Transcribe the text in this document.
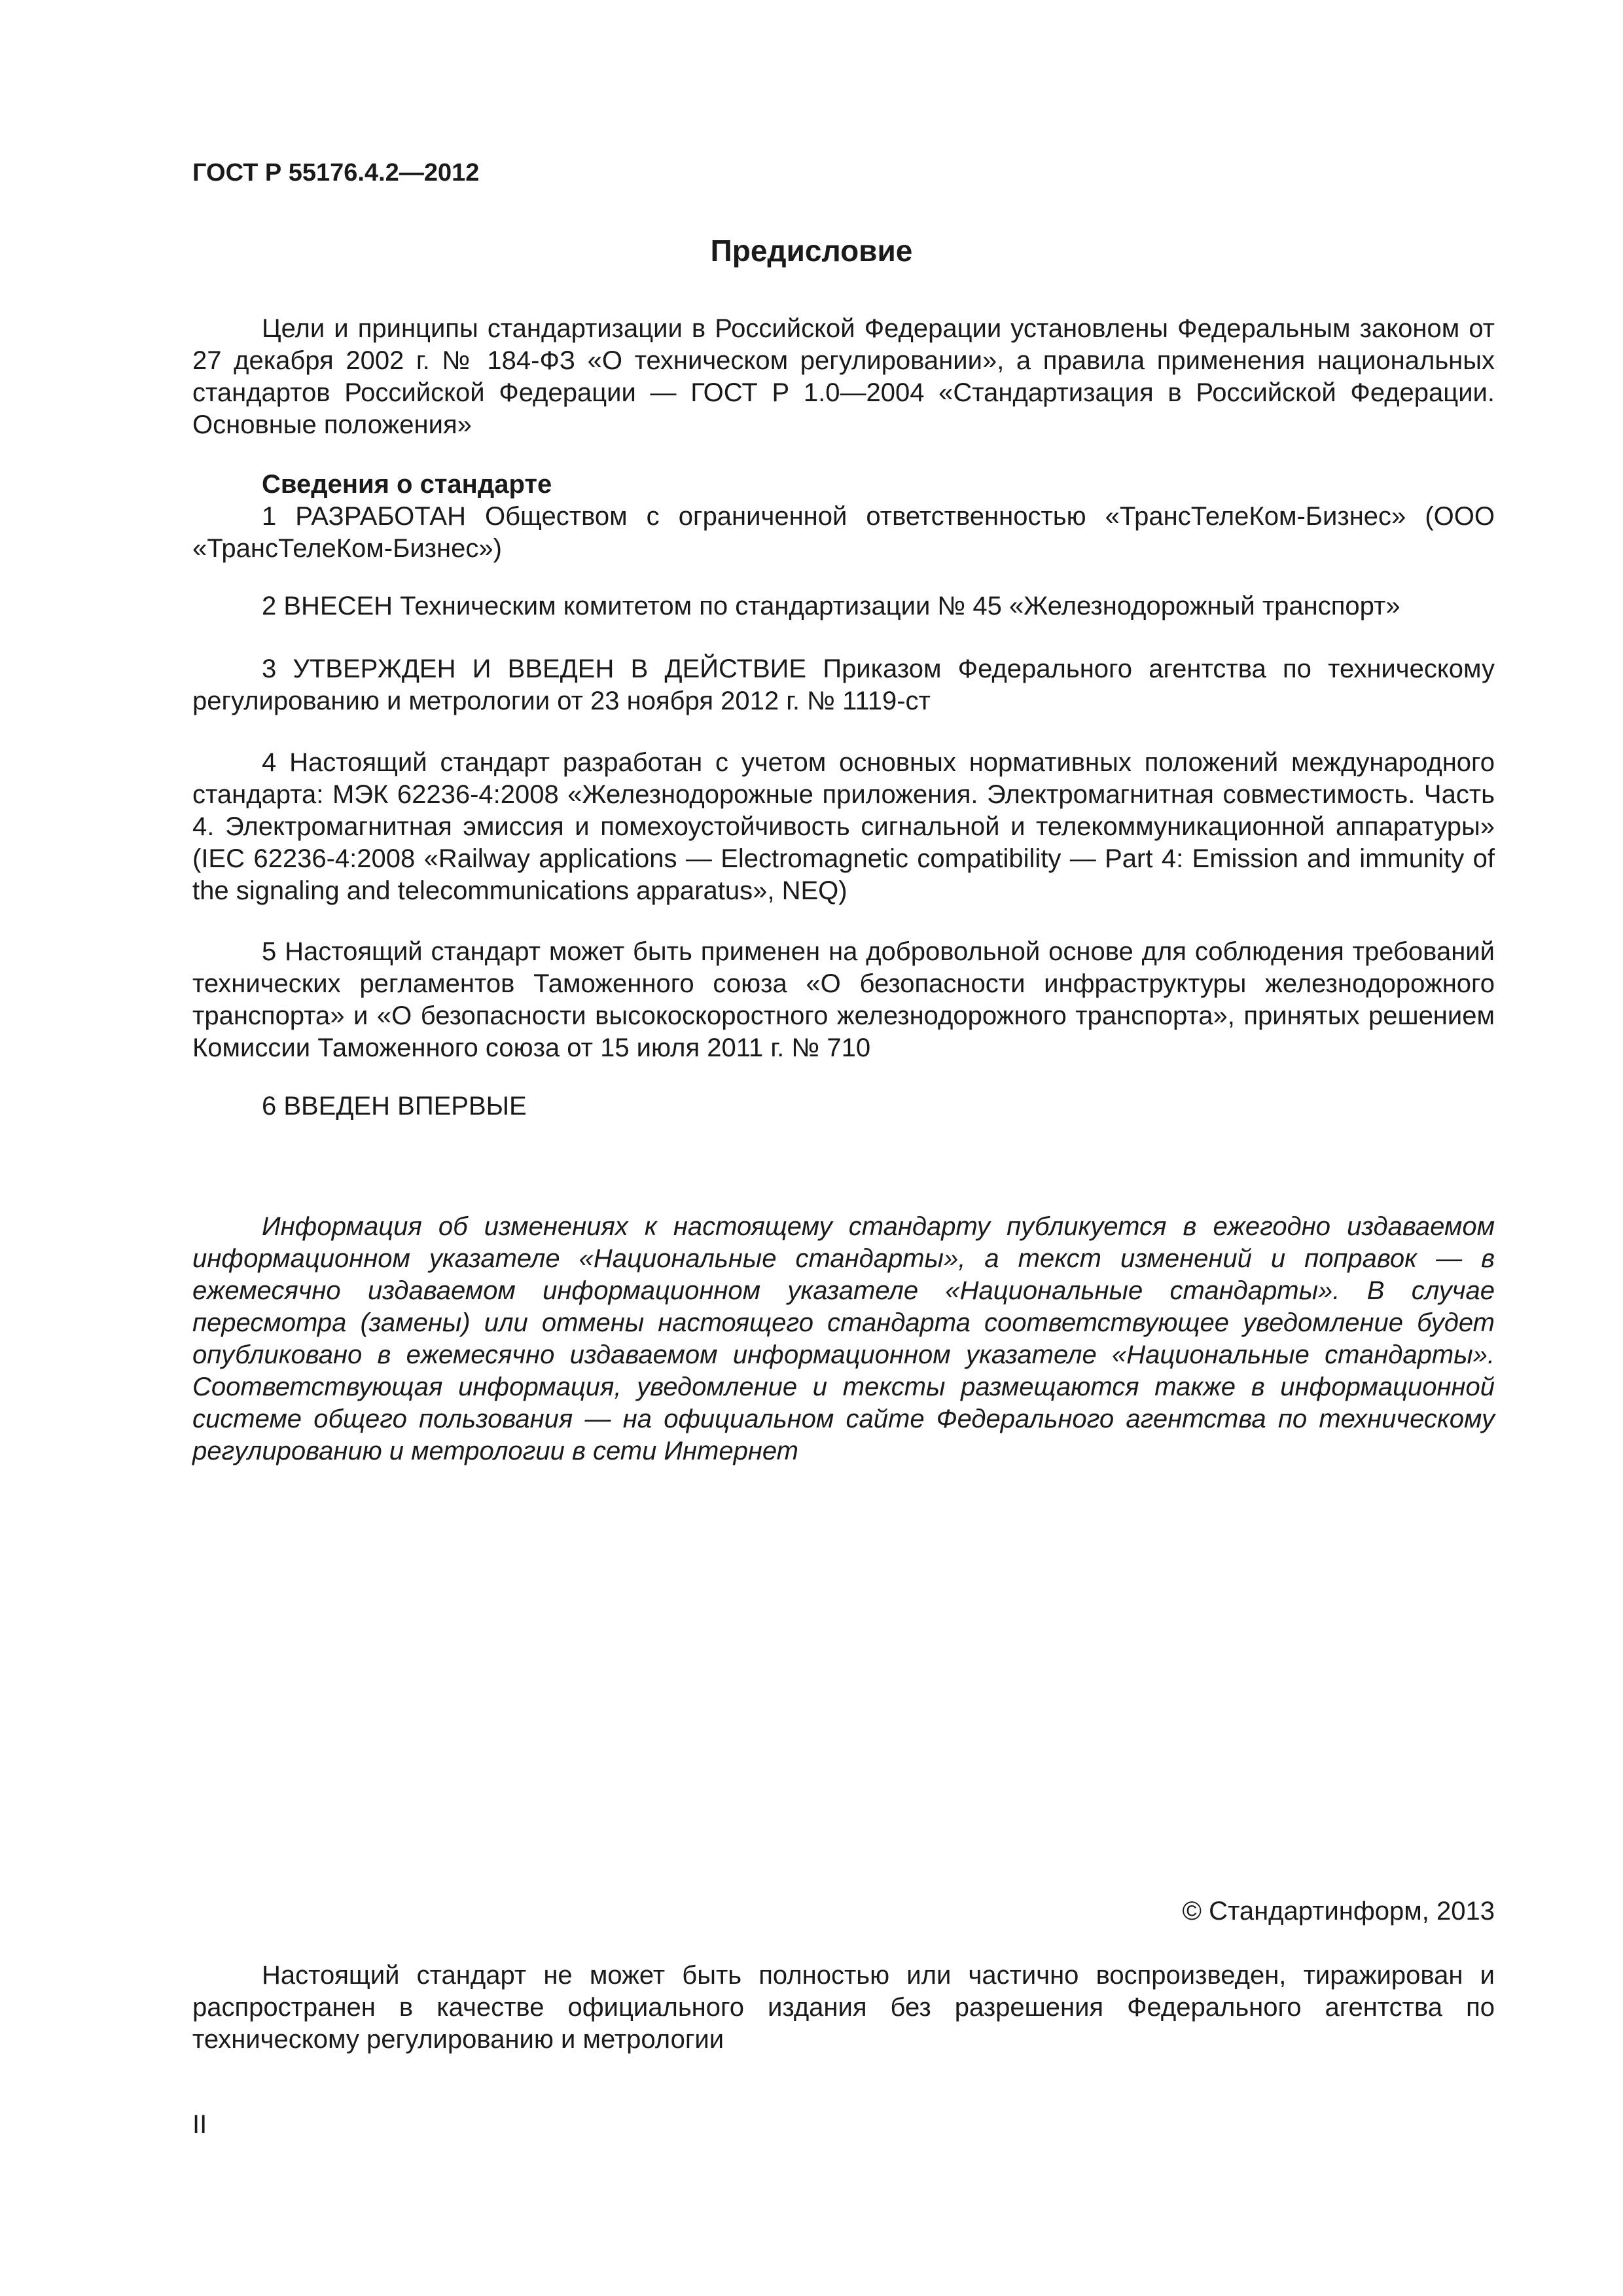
ГОСТ Р 55176.4.2—2012
Предисловие
Цели и принципы стандартизации в Российской Федерации установлены Федеральным законом от 27 декабря 2002 г. № 184-ФЗ «О техническом регулировании», а правила применения национальных стандартов Российской Федерации — ГОСТ Р 1.0—2004 «Стандартизация в Российской Федерации. Основные положения»
Сведения о стандарте
1 РАЗРАБОТАН Обществом с ограниченной ответственностью «ТрансТелеКом-Бизнес» (ООО «ТрансТелеКом-Бизнес»)
2 ВНЕСЕН Техническим комитетом по стандартизации № 45 «Железнодорожный транспорт»
3 УТВЕРЖДЕН И ВВЕДЕН В ДЕЙСТВИЕ Приказом Федерального агентства по техническому регулированию и метрологии от 23 ноября 2012 г. № 1119-ст
4 Настоящий стандарт разработан с учетом основных нормативных положений международного стандарта: МЭК 62236-4:2008 «Железнодорожные приложения. Электромагнитная совместимость. Часть 4. Электромагнитная эмиссия и помехоустойчивость сигнальной и телекоммуникационной аппаратуры» (IEC 62236-4:2008 «Railway applications — Electromagnetic compatibility — Part 4: Emission and immunity of the signaling and telecommunications apparatus», NEQ)
5 Настоящий стандарт может быть применен на добровольной основе для соблюдения требований технических регламентов Таможенного союза «О безопасности инфраструктуры железнодорожного транспорта» и «О безопасности высокоскоростного железнодорожного транспорта», принятых решением Комиссии Таможенного союза от 15 июля 2011 г. № 710
6 ВВЕДЕН ВПЕРВЫЕ
Информация об изменениях к настоящему стандарту публикуется в ежегодно издаваемом информационном указателе «Национальные стандарты», а текст изменений и поправок — в ежемесячно издаваемом информационном указателе «Национальные стандарты». В случае пересмотра (замены) или отмены настоящего стандарта соответствующее уведомление будет опубликовано в ежемесячно издаваемом информационном указателе «Национальные стандарты». Соответствующая информация, уведомление и тексты размещаются также в информационной системе общего пользования — на официальном сайте Федерального агентства по техническому регулированию и метрологии в сети Интернет
© Стандартинформ, 2013
Настоящий стандарт не может быть полностью или частично воспроизведен, тиражирован и распространен в качестве официального издания без разрешения Федерального агентства по техническому регулированию и метрологии
II
